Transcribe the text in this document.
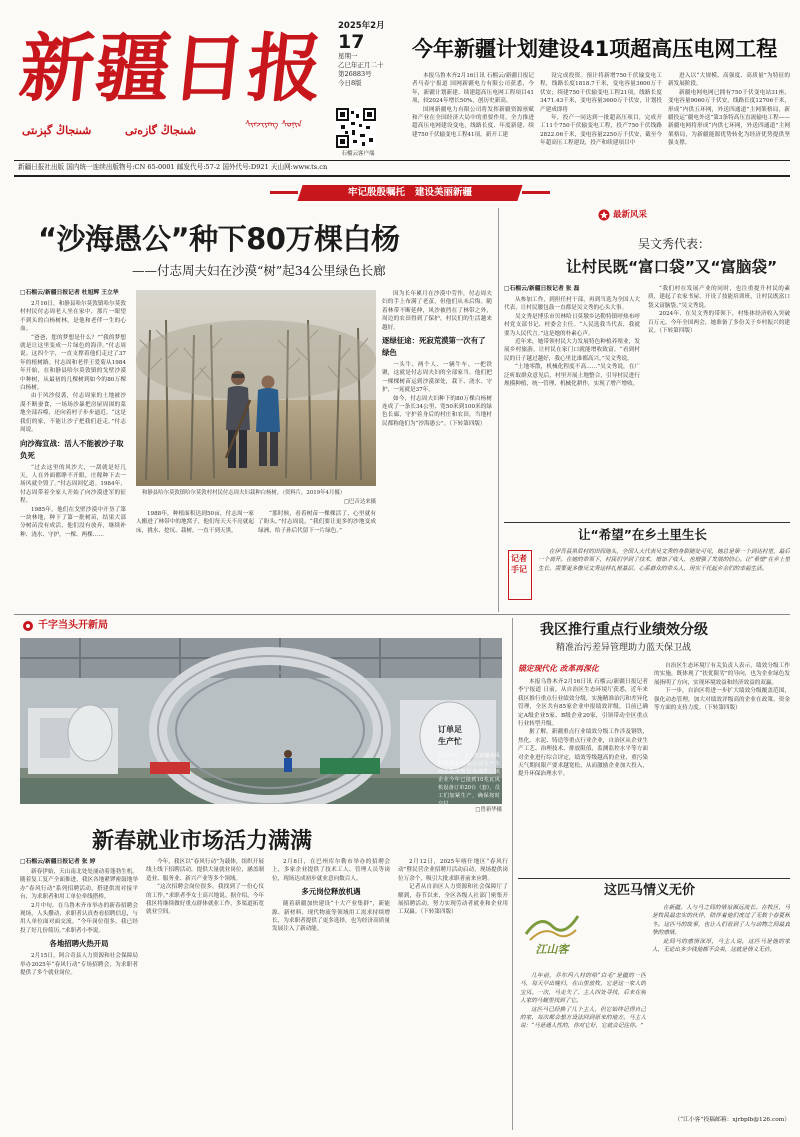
新疆日报
شىنجاڭ گېزىتى	شىنجاڭ گازەتى	ᠰᠢᠨᠵᠢᠶᠠᠩ ᠰᠣᠨᠢᠨ
2025年2月
17
星期一
乙巳年正月二十
第26883号
今日8版
石榴云客户端
今年新疆计划建设41项超高压电网工程

本报乌鲁木齐2月16日讯 石榴云/新疆日报记者马春宁报道 国网新疆电力有限公司获悉，今年，新疆计划新建、续建超高压电网工程项目41项，较2024年增长50%，创历史新高。

国网新疆电力有限公司将发挥新疆资源禀赋和产业在全国经济大局中的重要作用，全力推进超高压电网建设变电，线路长度、年度新建、续建750千伏输变电工程41项，新开工建

设完成投资。预计将新增750千伏输变电工程，线路长度1818.7千米，变电容量3600万千伏安；续建750千伏输变电工程21项，线路长度3471.43千米，变电容量3600万千伏安，计划投产建成即将

年，投产一同达到一批超高压项目，完成开工11个750千伏输变电工程，投产750千伏线路2822.06千米，变电容量2250万千伏安，截至今年超高压工程建设，投产和续建项目中

进入以“大规模、高强度、高质量”为特征的新发展阶段。

新疆电网电网已拥有750千伏变电站31座、变电容量9060万千伏安，线路长度12706千米，形成“内供五环网，外送四通道”主网架格局，新疆投运“疆电外送”第3条特高压直流输电工程——新疆电网将形成“内供七环网，外送四通道”主网架格局，为新疆能源优势转化为经济优势提供坚强支撑。

新疆日报社出版 国内统一连续出版物号:CN 65-0001 邮发代号:57-2 国外代号:D921 天山网:www.ts.cn
牢记殷殷嘱托   建设美丽新疆
“沙海愚公”种下80万棵白杨
——付志周夫妇在沙漠“树”起34公里绿色长廊
□石榴云/新疆日报记者 杜旭辉 王立华

2月16日，和静县哈尔莫敦镇哈尔莫敦村村民付志周老人坐在家中，那片一眼望不到头的白杨树林，是他和老伴一生的心血。

“爸爸，您的梦想是什么？”“我的梦想就是让这里变成一片绿色的海洋。”付志周说。这四个字，一直支撑着他们走过了37年的植树路。付志周和老伴王爱菊从1984年开始，在和静县哈尔莫敦镇的戈壁沙漠中种树，从最初的几棵树到如今的80万棵白杨树。

由于风沙侵袭，付志周家的土地被沙漠不断蚕食，一场场沙暴把房屋周围的菜地全部吞噬，还向着村子步步逼近。“这是我们的家，不能让沙子把我们赶走。”付志周说。

向沙海宣战：活人不能被沙子取负死

“过去这里的风沙大，一刮就是好几天，人在外面都睁不开眼，庄稼种下去一场风就全毁了。”付志周回忆道。1984年，付志周带着全家人开始了向沙漠进军的征程。

1985年，他们在戈壁沙漠中开垦了第一块林地，种下了第一批树苗，结果大部分树苗没有成活，他们没有放弃，继续补种、浇水、守护，一棵、两棵……

和静县哈尔莫敦镇哈尔莫敦村村民付志周夫妇栽种白杨树。（资料片，2019年4月摄）
□巴音达来摄

1988年，种植面积达到50亩，付志周一家人搬进了林带中的地窝子，他们每天天不亮就起床，挑水、挖坑、栽树，一直干到天黑。

“那时候，看着树苗一棵棵活了，心里就有了盼头。”付志周说，“我们要让更多的沙地变成绿洲，给子孙后代留下一片绿色。”

因为长年累月在沙漠中劳作，付志周夫妇的手上布满了老茧，但他们从未后悔。随着林带不断延伸，风沙被挡在了林带之外，周边的农田得到了保护，村民们的生活越来越好。

逐绿征途：死寂荒漠第一次有了绿色

一头牛、两个人、一辆牛车、一把铁锹，这就是付志周夫妇的全部家当。他们把一棵棵树苗运到沙漠深处，栽下、浇水、守护，一晃就是37年。

如今，付志周夫妇种下的80万棵白杨树连成了一条长34公里、宽50米到100米的绿色长廊，守护着身后的村庄和农田，当地村民都称他们为“沙海愚公”。（下转第四版）

最新风采
吴文秀代表：
让村民既“富口袋”又“富脑袋”
□石榴云/新疆日报记者 张 磊

从参加工作，到担任村干部，再到当选为全国人大代表，让村民腰包鼓一直都是吴文秀的心头大事。

吴文秀是博乐市贝林哈日莫墩乡达勒特镇呼热布呼村党支部书记、村委会主任。“人民选我当代表，我就要为人民代言。”这是她的朴素心声。

近年来，她带领村民大力发展特色种植养殖业，发展乡村旅游，让村民在家门口就能增收致富。“看到村民的日子越过越好，我心里比谁都高兴。”吴文秀说。

“土地零散，机械化程度不高……”吴文秀说，在广泛听取群众意见后，村里开展土地整合，引导村民进行规模种植，统一管理、机械化耕作，实现了增产增收。

“我们村在发展产业的同时，也注重提升村民的素质，建起了农家书屋、开设了技能培训班，让村民既富口袋又富脑袋。”吴文秀说。

2024年，在吴文秀的带领下，村集体经济收入突破百万元。今年全国两会，她准备了多份关于乡村振兴的建议。（下转第四版）

让“希望”在乡土里生长
记者手记

在伊吾县黑眉村的田间地头，全国人大代表吴文秀的身影随处可见，她总是第一个到达村里，最后一个离开。在她的带领下，村民们学到了技术，增加了收入，也增强了发展的信心。让“希望”在乡土里生长，需要更多像吴文秀这样扎根基层、心系群众的带头人，用实干托起乡亲们的幸福生活。

千字当头开新局
订单足
生产忙

2月14日，工人在新疆金风科技股份有限公司生产车间装配风机设备部件。该企业今年已接到10兆瓦风机设备订单20台（套），员工们加紧生产，确保按时交付。

□曾新华摄
新春就业市场活力满满
□石榴云/新疆日报记者 张 婷

新春伊始，天山南北处处涌动着蓬勃生机。随着复工复产全面推进，我区各地紧锣密鼓地举办“春风行动”系列招聘活动，搭建供需对接平台，为求职者和用工单位牵线搭桥。

2月中旬，在乌鲁木齐市举办的新春招聘会现场，人头攒动，求职者认真查看招聘信息，与用人单位面对面交流。“今年岗位很多，我已经投了好几份简历。”求职者小李说。

各地招聘火热开局

2月15日，阿合奇县人力资源和社会保障局举办2025年“春风行动”专场招聘会，为求职者提供了多个就业岗位。

今年，我区以“春风行动”为载体，组织开展线上线下招聘活动，提供大量就业岗位，涵盖制造业、服务业、新兴产业等多个领域。

“这次招聘会岗位很多，我找到了一份心仪的工作。”求职者李女士高兴地说。据介绍，今年我区将继续做好重点群体就业工作，多渠道拓宽就业空间。

2月8日，在巴州库尔勒市举办的招聘会上，多家企业提供了技术工人、管理人员等岗位，现场达成初步就业意向数百人。

多元岗位释放机遇

随着新疆加快建设“十大产业集群”，新能源、新材料、现代物流等领域用工需求持续增长，为求职者提供了更多选择，也为经济高质量发展注入了新动能。

2月12日，2025年喀什地区“春风行动”暨民营企业招聘月活动启动，现场提供岗位万余个，吸引大批求职者前来应聘。

记者从自治区人力资源和社会保障厅了解到，春节以来，全区各级人社部门密集开展招聘活动，努力实现劳动者就业和企业用工双赢。（下转第四版）

我区推行重点行业绩效分级
精准治污差异管理助力蓝天保卫战
锚定现代化 改革再深化

本报乌鲁木齐2月16日讯 石榴云/新疆日报记者李宁报道 日前，从自治区生态环境厅获悉，近年来我区推行重点行业绩效分级，实施精准治污和差异化管理，全区共有85家企业申报绩效评级，目前已确定A级企业5家、B级企业20家，引领带动全区重点行业转型升级。

据了解，新疆重点行业绩效分级工作涉及钢铁、焦化、水泥、铸造等重点行业企业，自治区从企业生产工艺、治理技术、排放限值、监测监控水平等方面对企业进行综合评定，绩效等级越高的企业，重污染天气期间限产要求越宽松，从而激励企业加大投入，提升环保治理水平。

自治区生态环境厅有关负责人表示，绩效分级工作的实施，既体现了“扶优限劣”的导向，也为企业绿色发展指明了方向，实现环境效益和经济效益的双赢。

下一步，自治区将进一步扩大绩效分级覆盖范围，强化动态管理，加大对绩效评级高的企业在政策、资金等方面的支持力度。（下转第四版）

这匹马情义无价
江山客

几年前，乔尔玛八村的哈“白毛”是疆的一匹马，每天早出晚归，在山里放牧，它是这一家人的宝贝。一次，马走失了，主人四处寻找，后来在别人家的马厩里找到了它。

这匹马已经换了几个主人，但它始终记得自己的家，每次都会想方设法回到原来的地方。马主人说：“马是通人性的，你对它好，它就会记住你。”

在新疆，人与马之间的情谊源远流长。在牧区，马是牧民最忠实的伙伴，陪伴着他们度过了无数个春夏秋冬。这匹马的故事，也让人们看到了人与动物之间最真挚的感情。

此间马的感情深厚，马主人说，这匹马是他的家人，无论出多少钱他都不会卖，这就是情义无价。

（“江小客”投稿邮箱：xjrbplb@126.com）
